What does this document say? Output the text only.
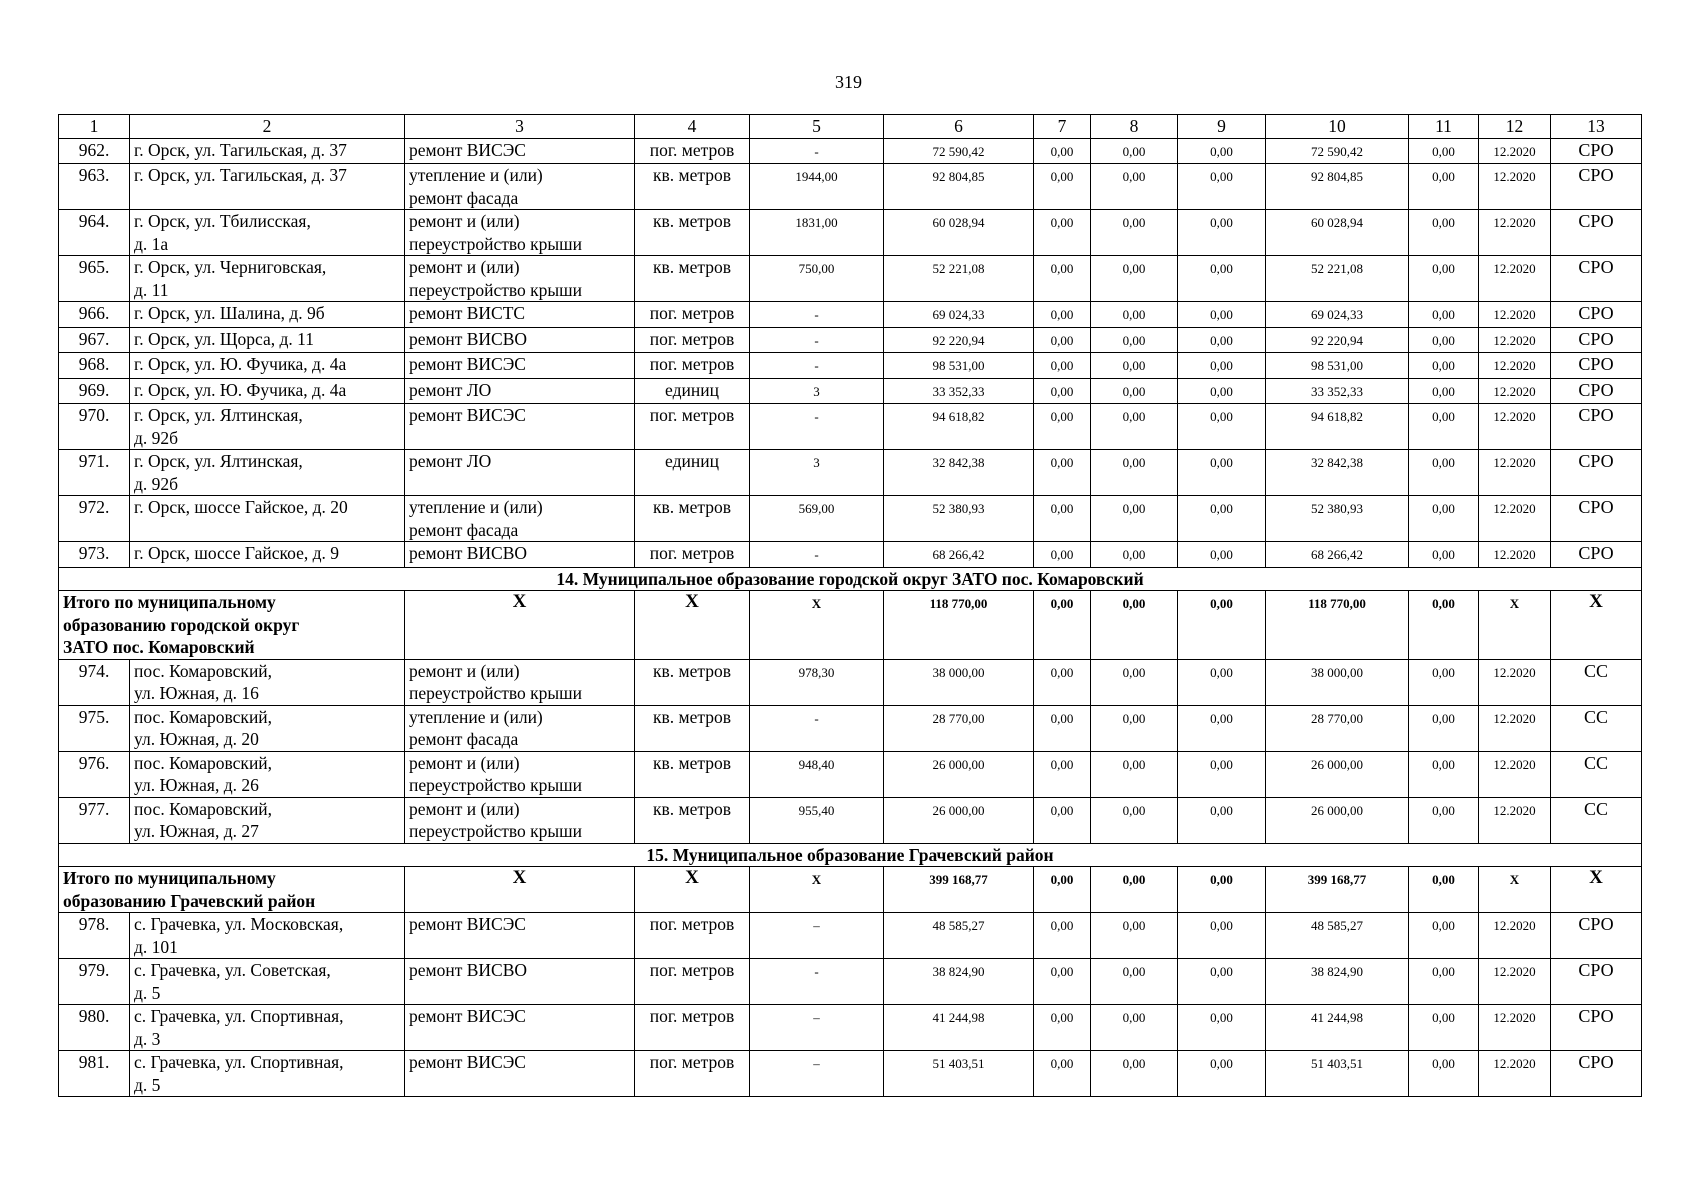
319
1	2	3	4	5	6	7	8	9	10	11	12	13
962.	г. Орск, ул. Тагильская, д. 37	ремонт ВИСЭС	пог. метров	-	72 590,42	0,00	0,00	0,00	72 590,42	0,00	12.2020	СРО
963.	г. Орск, ул. Тагильская, д. 37	утепление и (или)
ремонт фасада	кв. метров	1944,00	92 804,85	0,00	0,00	0,00	92 804,85	0,00	12.2020	СРО
964.	г. Орск, ул. Тбилисская,
д. 1а	ремонт и (или)
переустройство крыши	кв. метров	1831,00	60 028,94	0,00	0,00	0,00	60 028,94	0,00	12.2020	СРО
965.	г. Орск, ул. Черниговская,
д. 11	ремонт и (или)
переустройство крыши	кв. метров	750,00	52 221,08	0,00	0,00	0,00	52 221,08	0,00	12.2020	СРО
966.	г. Орск, ул. Шалина, д. 9б	ремонт ВИСТС	пог. метров	-	69 024,33	0,00	0,00	0,00	69 024,33	0,00	12.2020	СРО
967.	г. Орск, ул. Щорса, д. 11	ремонт ВИСВО	пог. метров	-	92 220,94	0,00	0,00	0,00	92 220,94	0,00	12.2020	СРО
968.	г. Орск, ул. Ю. Фучика, д. 4а	ремонт ВИСЭС	пог. метров	-	98 531,00	0,00	0,00	0,00	98 531,00	0,00	12.2020	СРО
969.	г. Орск, ул. Ю. Фучика, д. 4а	ремонт ЛО	единиц	3	33 352,33	0,00	0,00	0,00	33 352,33	0,00	12.2020	СРО
970.	г. Орск, ул. Ялтинская,
д. 92б	ремонт ВИСЭС	пог. метров	-	94 618,82	0,00	0,00	0,00	94 618,82	0,00	12.2020	СРО
971.	г. Орск, ул. Ялтинская,
д. 92б	ремонт ЛО	единиц	3	32 842,38	0,00	0,00	0,00	32 842,38	0,00	12.2020	СРО
972.	г. Орск, шоссе Гайское, д. 20	утепление и (или)
ремонт фасада	кв. метров	569,00	52 380,93	0,00	0,00	0,00	52 380,93	0,00	12.2020	СРО
973.	г. Орск, шоссе Гайское, д. 9	ремонт ВИСВО	пог. метров	-	68 266,42	0,00	0,00	0,00	68 266,42	0,00	12.2020	СРО
14. Муниципальное образование городской округ ЗАТО пос. Комаровский												
Итого по муниципальному
образованию городской округ
ЗАТО пос. Комаровский		X	X	X	118 770,00	0,00	0,00	0,00	118 770,00	0,00	X	X
974.	пос. Комаровский,
ул. Южная, д. 16	ремонт и (или)
переустройство крыши	кв. метров	978,30	38 000,00	0,00	0,00	0,00	38 000,00	0,00	12.2020	СС
975.	пос. Комаровский,
ул. Южная, д. 20	утепление и (или)
ремонт фасада	кв. метров	-	28 770,00	0,00	0,00	0,00	28 770,00	0,00	12.2020	СС
976.	пос. Комаровский,
ул. Южная, д. 26	ремонт и (или)
переустройство крыши	кв. метров	948,40	26 000,00	0,00	0,00	0,00	26 000,00	0,00	12.2020	СС
977.	пос. Комаровский,
ул. Южная, д. 27	ремонт и (или)
переустройство крыши	кв. метров	955,40	26 000,00	0,00	0,00	0,00	26 000,00	0,00	12.2020	СС
15. Муниципальное образование Грачевский район												
Итого по муниципальному
образованию Грачевский район		X	X	X	399 168,77	0,00	0,00	0,00	399 168,77	0,00	X	X
978.	с. Грачевка, ул. Московская,
д. 101	ремонт ВИСЭС	пог. метров	–	48 585,27	0,00	0,00	0,00	48 585,27	0,00	12.2020	СРО
979.	с. Грачевка, ул. Советская,
д. 5	ремонт ВИСВО	пог. метров	-	38 824,90	0,00	0,00	0,00	38 824,90	0,00	12.2020	СРО
980.	с. Грачевка, ул. Спортивная,
д. 3	ремонт ВИСЭС	пог. метров	–	41 244,98	0,00	0,00	0,00	41 244,98	0,00	12.2020	СРО
981.	с. Грачевка, ул. Спортивная,
д. 5	ремонт ВИСЭС	пог. метров	–	51 403,51	0,00	0,00	0,00	51 403,51	0,00	12.2020	СРО
